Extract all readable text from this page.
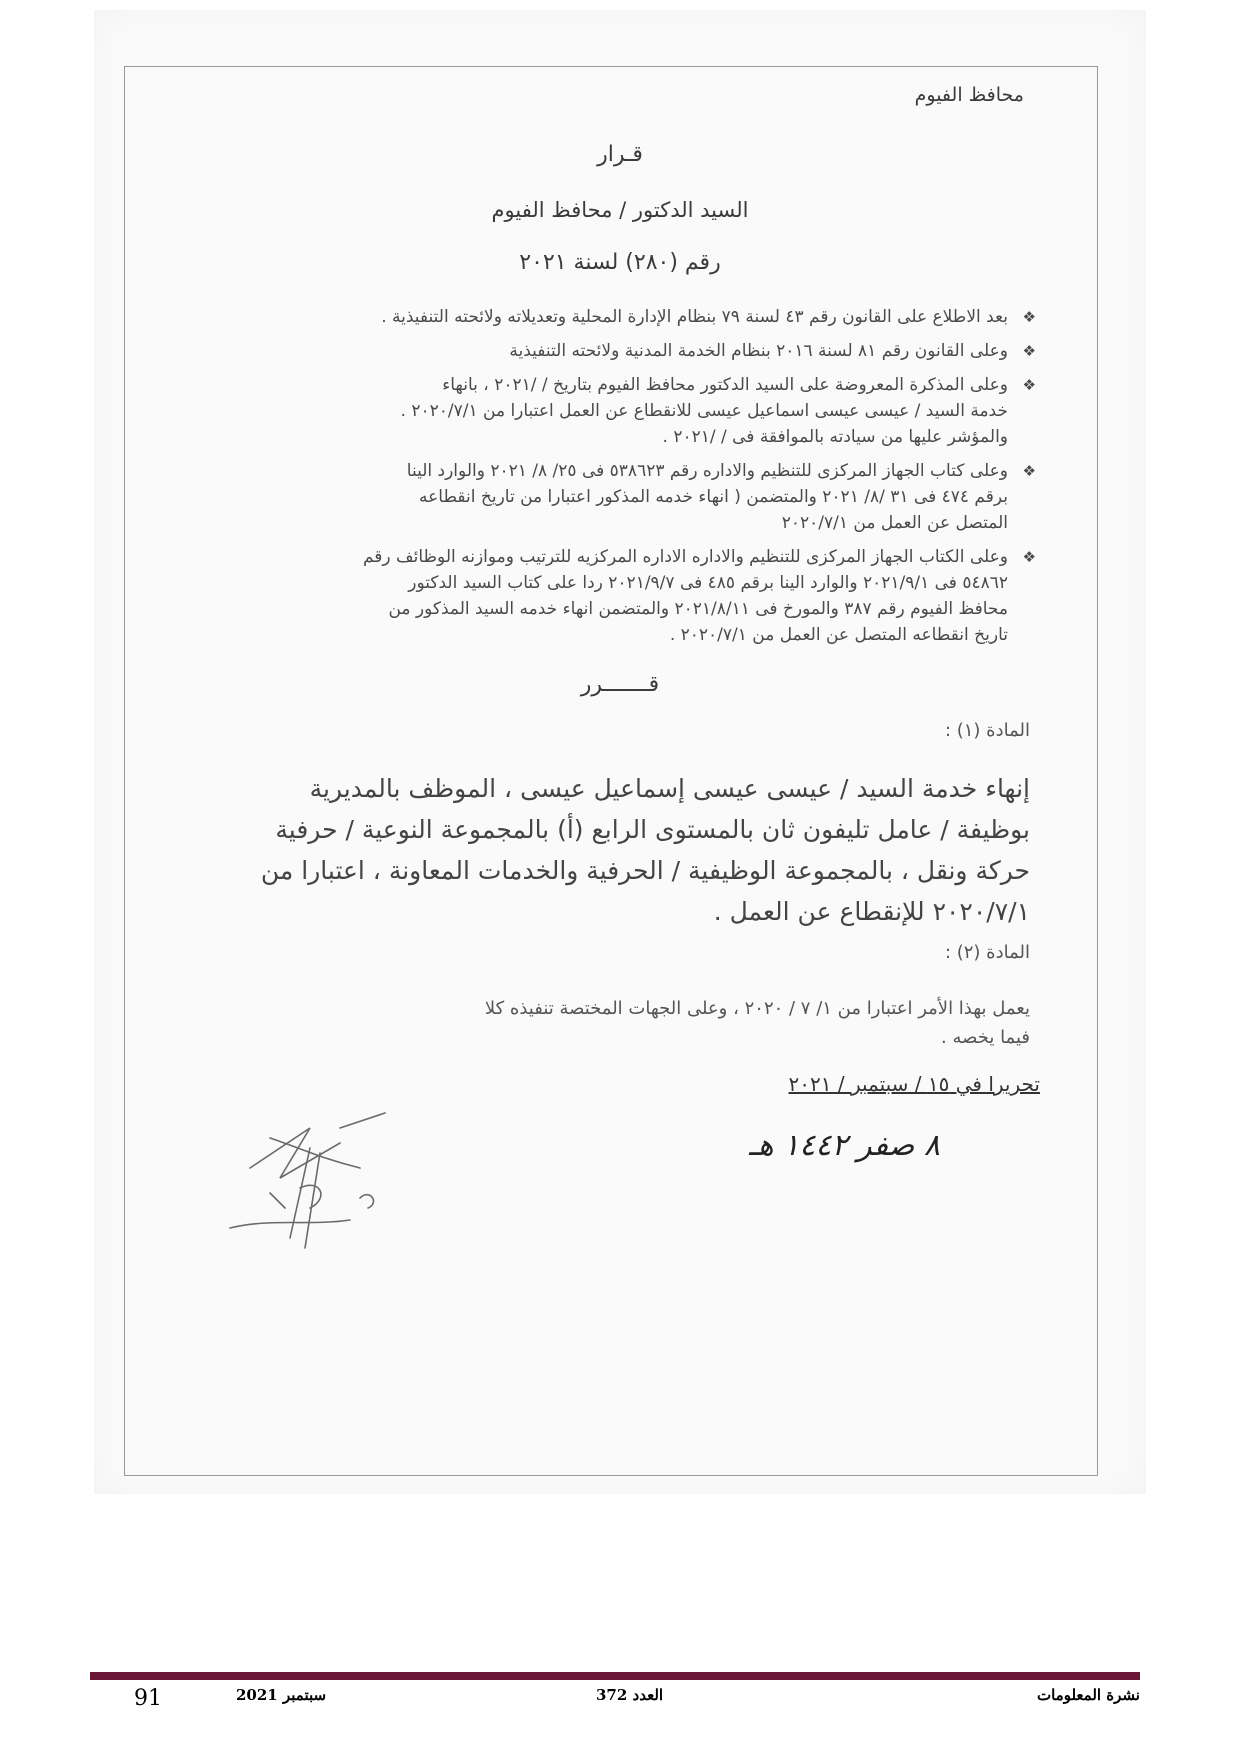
محافظ الفيوم
قـرار
السيد الدكتور / محافظ الفيوم
رقم (٢٨٠) لسنة ٢٠٢١
❖
بعد الاطلاع على القانون رقم ٤٣ لسنة ٧٩ بنظام الإدارة المحلية وتعديلاته ولائحته التنفيذية .
❖
وعلى القانون رقم ٨١ لسنة ٢٠١٦ بنظام الخدمة المدنية ولائحته التنفيذية
❖
وعلى المذكرة المعروضة على السيد الدكتور محافظ الفيوم بتاريخ / /٢٠٢١ ، بانهاء
خدمة السيد / عيسى عيسى اسماعيل عيسى للانقطاع عن العمل اعتبارا من ٢٠٢٠/٧/١ .
والمؤشر عليها من سيادته بالموافقة فى / /٢٠٢١ .
❖
وعلى كتاب الجهاز المركزى للتنظيم والاداره رقم ٥٣٨٦٢٣ فى ٢٥/ ٨/ ٢٠٢١ والوارد الينا
برقم ٤٧٤ فى ٣١ /٨/ ٢٠٢١ والمتضمن ( انهاء خدمه المذكور اعتبارا من تاريخ انقطاعه
المتصل عن العمل من ٢٠٢٠/٧/١
❖
وعلى الكتاب الجهاز المركزى للتنظيم والاداره الاداره المركزيه للترتيب وموازنه الوظائف رقم
٥٤٨٦٢ فى ٢٠٢١/٩/١ والوارد الينا برقم ٤٨٥ فى ٢٠٢١/٩/٧ ردا على كتاب السيد الدكتور
محافظ الفيوم رقم ٣٨٧ والمورخ فى ٢٠٢١/٨/١١ والمتضمن انهاء خدمه السيد المذكور من
تاريخ انقطاعه المتصل عن العمل من ٢٠٢٠/٧/١ .
قـــــــرر
المادة (١) :
إنهاء خدمة السيد / عيسى عيسى إسماعيل عيسى ، الموظف بالمديرية
بوظيفة / عامل تليفون ثان بالمستوى الرابع (أ) بالمجموعة النوعية / حرفية
حركة ونقل ، بالمجموعة الوظيفية / الحرفية والخدمات المعاونة ، اعتبارا من
٢٠٢٠/٧/١ للإنقطاع عن العمل .
المادة (٢) :
يعمل بهذا الأمر اعتبارا من ١/ ٧ / ٢٠٢٠ ، وعلى الجهات المختصة تنفيذه كلا
فيما يخصه .
تحريرا في ١٥ / سبتمبر / ٢٠٢١
٨ صفر ١٤٤٢ هـ
91	سبتمبر 2021	العدد 372	نشرة المعلومات
